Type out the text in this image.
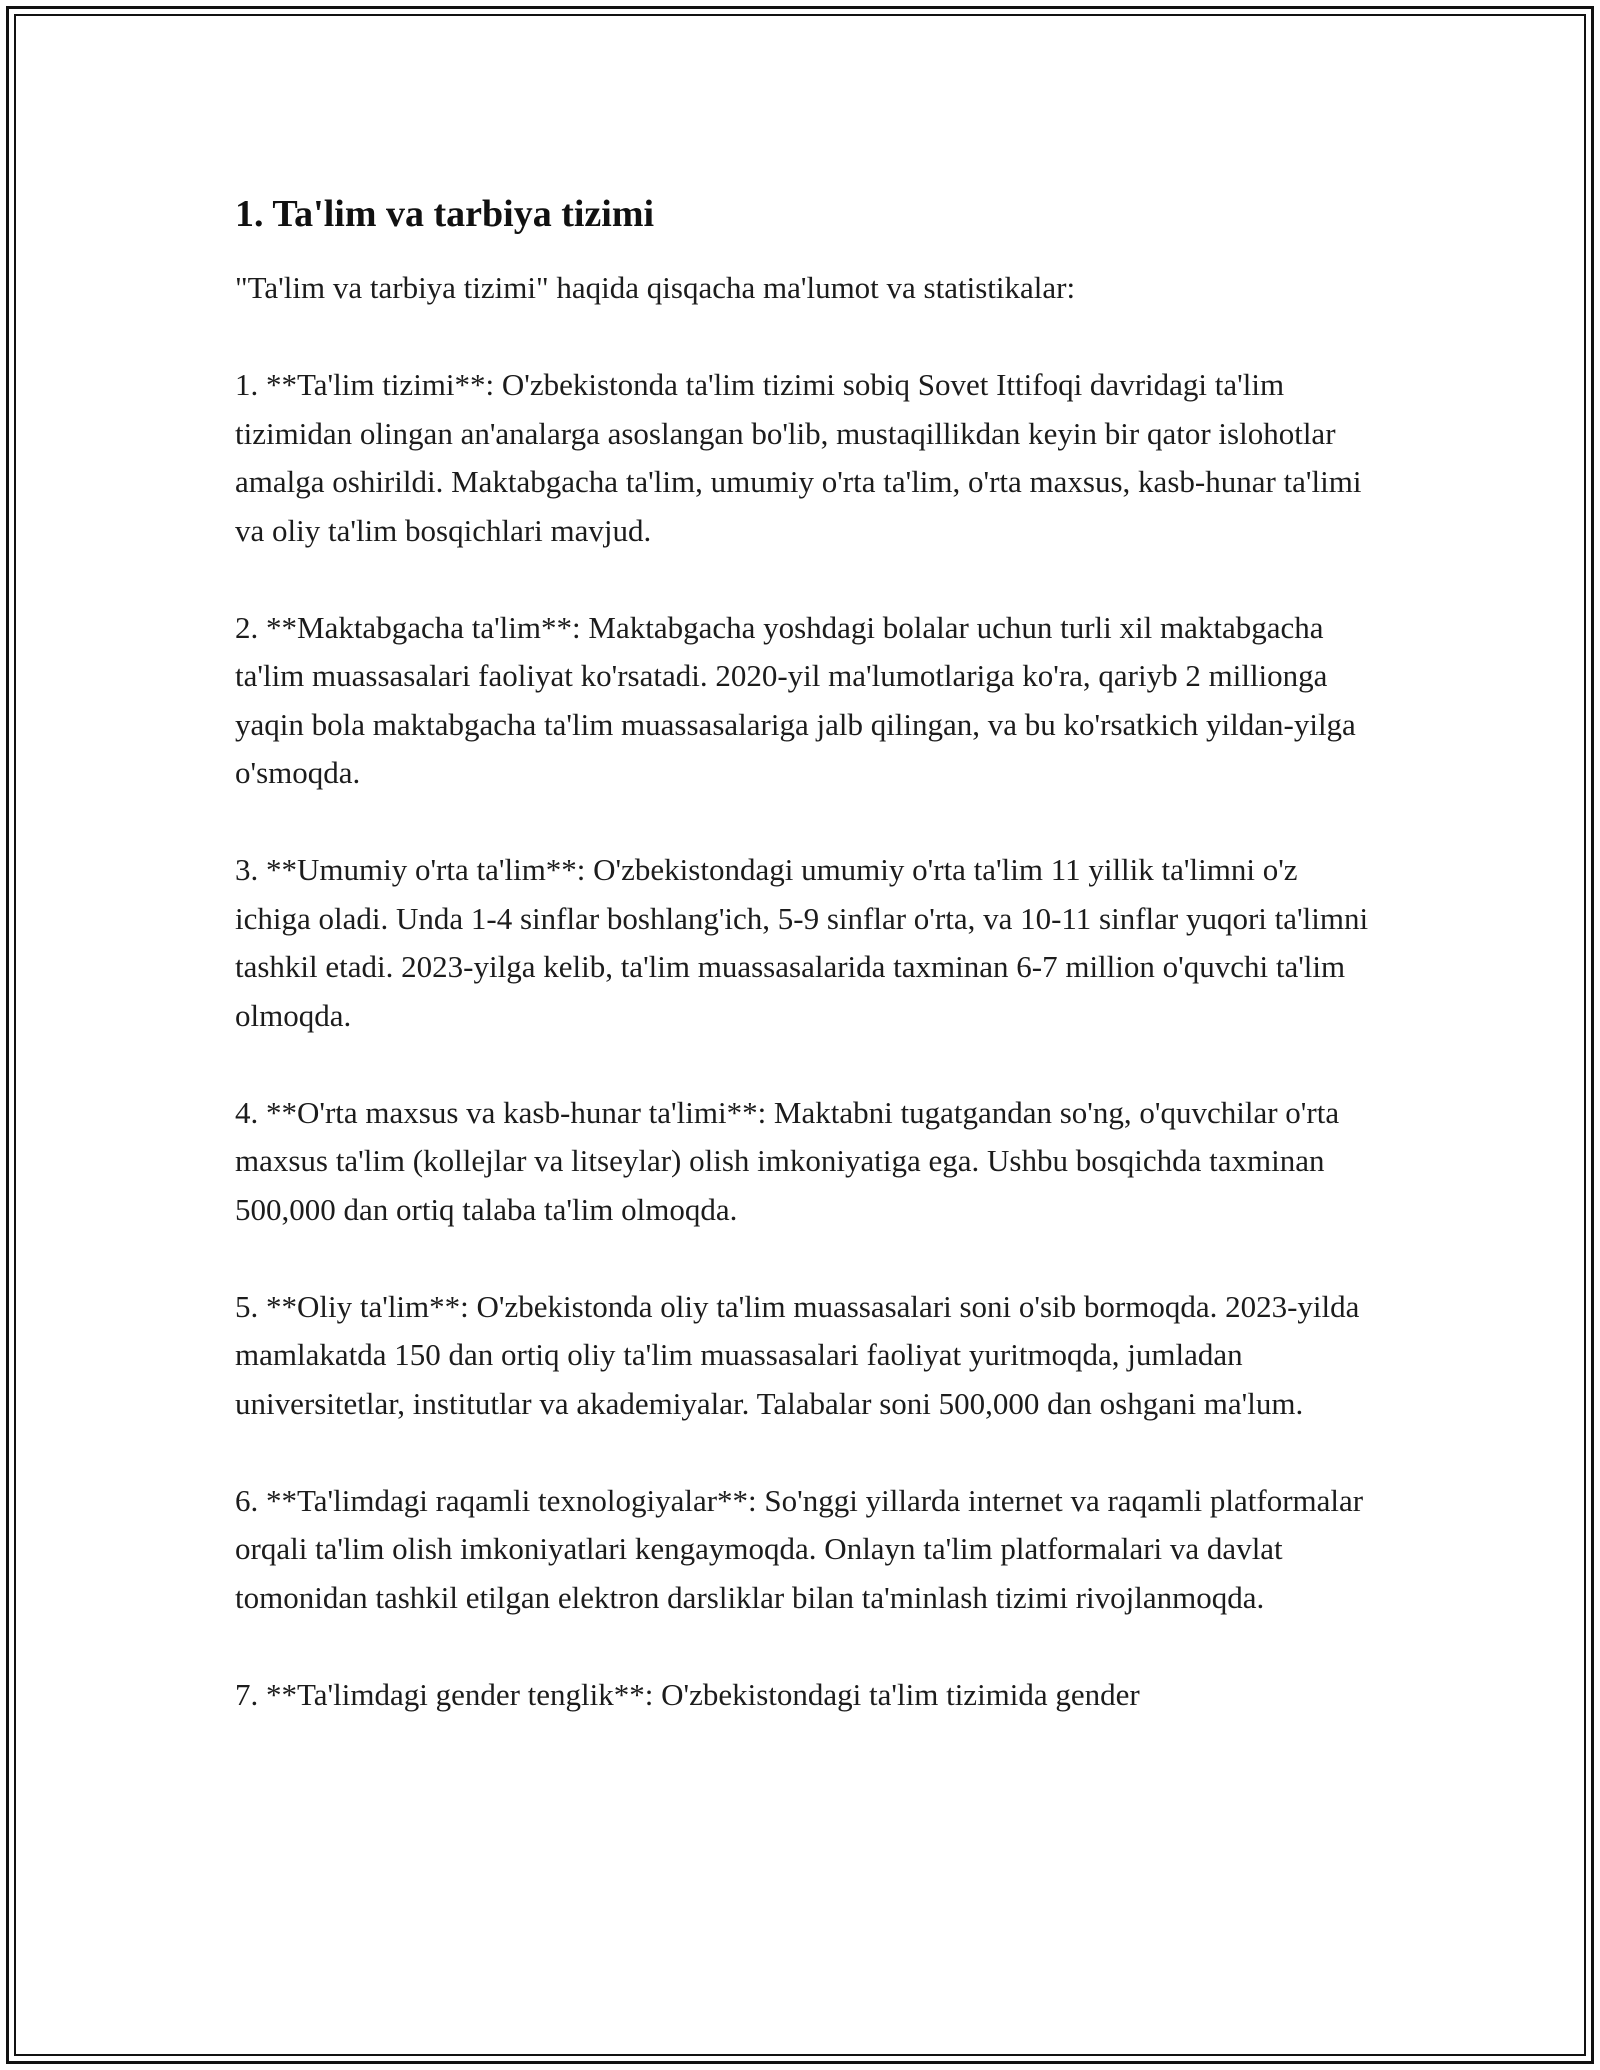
1. Ta'lim va tarbiya tizimi

"Ta'lim va tarbiya tizimi" haqida qisqacha ma'lumot va statistikalar:

1. **Ta'lim tizimi**: O'zbekistonda ta'lim tizimi sobiq Sovet Ittifoqi davridagi ta'lim tizimidan olingan an'analarga asoslangan bo'lib, mustaqillikdan keyin bir qator islohotlar amalga oshirildi. Maktabgacha ta'lim, umumiy o'rta ta'lim, o'rta maxsus, kasb-hunar ta'limi va oliy ta'lim bosqichlari mavjud.

2. **Maktabgacha ta'lim**: Maktabgacha yoshdagi bolalar uchun turli xil maktabgacha ta'lim muassasalari faoliyat ko'rsatadi. 2020-yil ma'lumotlariga ko'ra, qariyb 2 millionga yaqin bola maktabgacha ta'lim muassasalariga jalb qilingan, va bu ko'rsatkich yildan-yilga o'smoqda.

3. **Umumiy o'rta ta'lim**: O'zbekistondagi umumiy o'rta ta'lim 11 yillik ta'limni o'z ichiga oladi. Unda 1-4 sinflar boshlang'ich, 5-9 sinflar o'rta, va 10-11 sinflar yuqori ta'limni tashkil etadi. 2023-yilga kelib, ta'lim muassasalarida taxminan 6-7 million o'quvchi ta'lim olmoqda.

4. **O'rta maxsus va kasb-hunar ta'limi**: Maktabni tugatgandan so'ng, o'quvchilar o'rta maxsus ta'lim (kollejlar va litseylar) olish imkoniyatiga ega. Ushbu bosqichda taxminan 500,000 dan ortiq talaba ta'lim olmoqda.

5. **Oliy ta'lim**: O'zbekistonda oliy ta'lim muassasalari soni o'sib bormoqda. 2023-yilda mamlakatda 150 dan ortiq oliy ta'lim muassasalari faoliyat yuritmoqda, jumladan universitetlar, institutlar va akademiyalar. Talabalar soni 500,000 dan oshgani ma'lum.

6. **Ta'limdagi raqamli texnologiyalar**: So'nggi yillarda internet va raqamli platformalar orqali ta'lim olish imkoniyatlari kengaymoqda. Onlayn ta'lim platformalari va davlat tomonidan tashkil etilgan elektron darsliklar bilan ta'minlash tizimi rivojlanmoqda.

7. **Ta'limdagi gender tenglik**: O'zbekistondagi ta'lim tizimida gender
